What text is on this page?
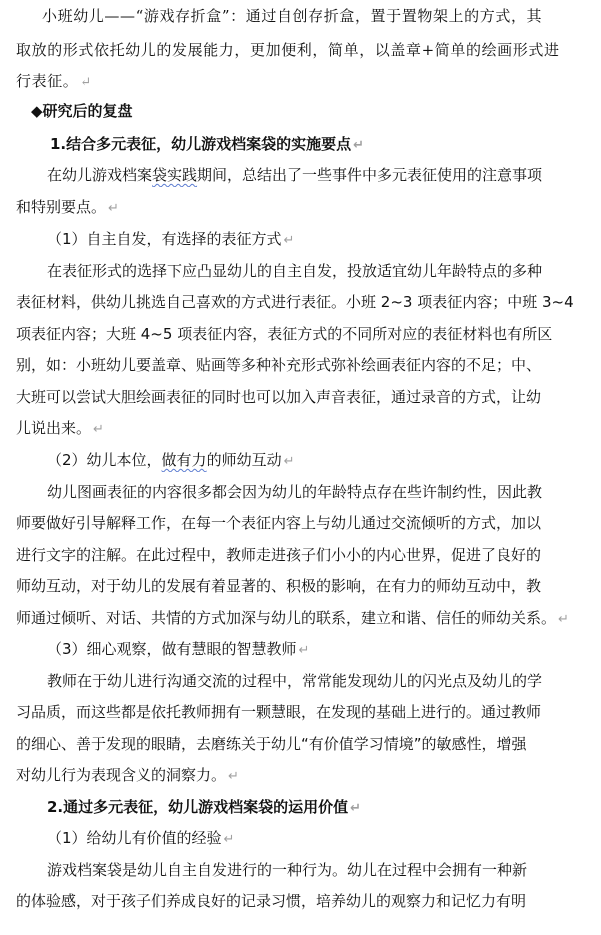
小班幼儿——“游戏存折盒”：通过自创存折盒，置于置物架上的方式，其
取放的形式依托幼儿的发展能力，更加便利，简单，以盖章+简单的绘画形式进
行表征。 ↵
◆研究后的复盘
1.结合多元表征，幼儿游戏档案袋的实施要点 ↵
在幼儿游戏档案袋实践期间，总结出了一些事件中多元表征使用的注意事项
和特别要点。 ↵
（1）自主自发，有选择的表征方式 ↵
在表征形式的选择下应凸显幼儿的自主自发，投放适宜幼儿年龄特点的多种
表征材料，供幼儿挑选自己喜欢的方式进行表征。小班 2~3 项表征内容；中班 3~4
项表征内容；大班 4~5 项表征内容，表征方式的不同所对应的表征材料也有所区
别，如：小班幼儿要盖章、贴画等多种补充形式弥补绘画表征内容的不足；中、
大班可以尝试大胆绘画表征的同时也可以加入声音表征，通过录音的方式，让幼
儿说出来。 ↵
（2）幼儿本位，做有力的师幼互动 ↵
幼儿图画表征的内容很多都会因为幼儿的年龄特点存在些许制约性，因此教
师要做好引导解释工作，在每一个表征内容上与幼儿通过交流倾听的方式，加以
进行文字的注解。在此过程中，教师走进孩子们小小的内心世界，促进了良好的
师幼互动，对于幼儿的发展有着显著的、积极的影响，在有力的师幼互动中，教
师通过倾听、对话、共情的方式加深与幼儿的联系，建立和谐、信任的师幼关系。 ↵
（3）细心观察，做有慧眼的智慧教师 ↵
教师在于幼儿进行沟通交流的过程中，常常能发现幼儿的闪光点及幼儿的学
习品质，而这些都是依托教师拥有一颗慧眼，在发现的基础上进行的。通过教师
的细心、善于发现的眼睛，去磨练关于幼儿“有价值学习情境”的敏感性，增强
对幼儿行为表现含义的洞察力。 ↵
2.通过多元表征，幼儿游戏档案袋的运用价值 ↵
（1）给幼儿有价值的经验 ↵
游戏档案袋是幼儿自主自发进行的一种行为。幼儿在过程中会拥有一种新
的体验感，对于孩子们养成良好的记录习惯，培养幼儿的观察力和记忆力有明
